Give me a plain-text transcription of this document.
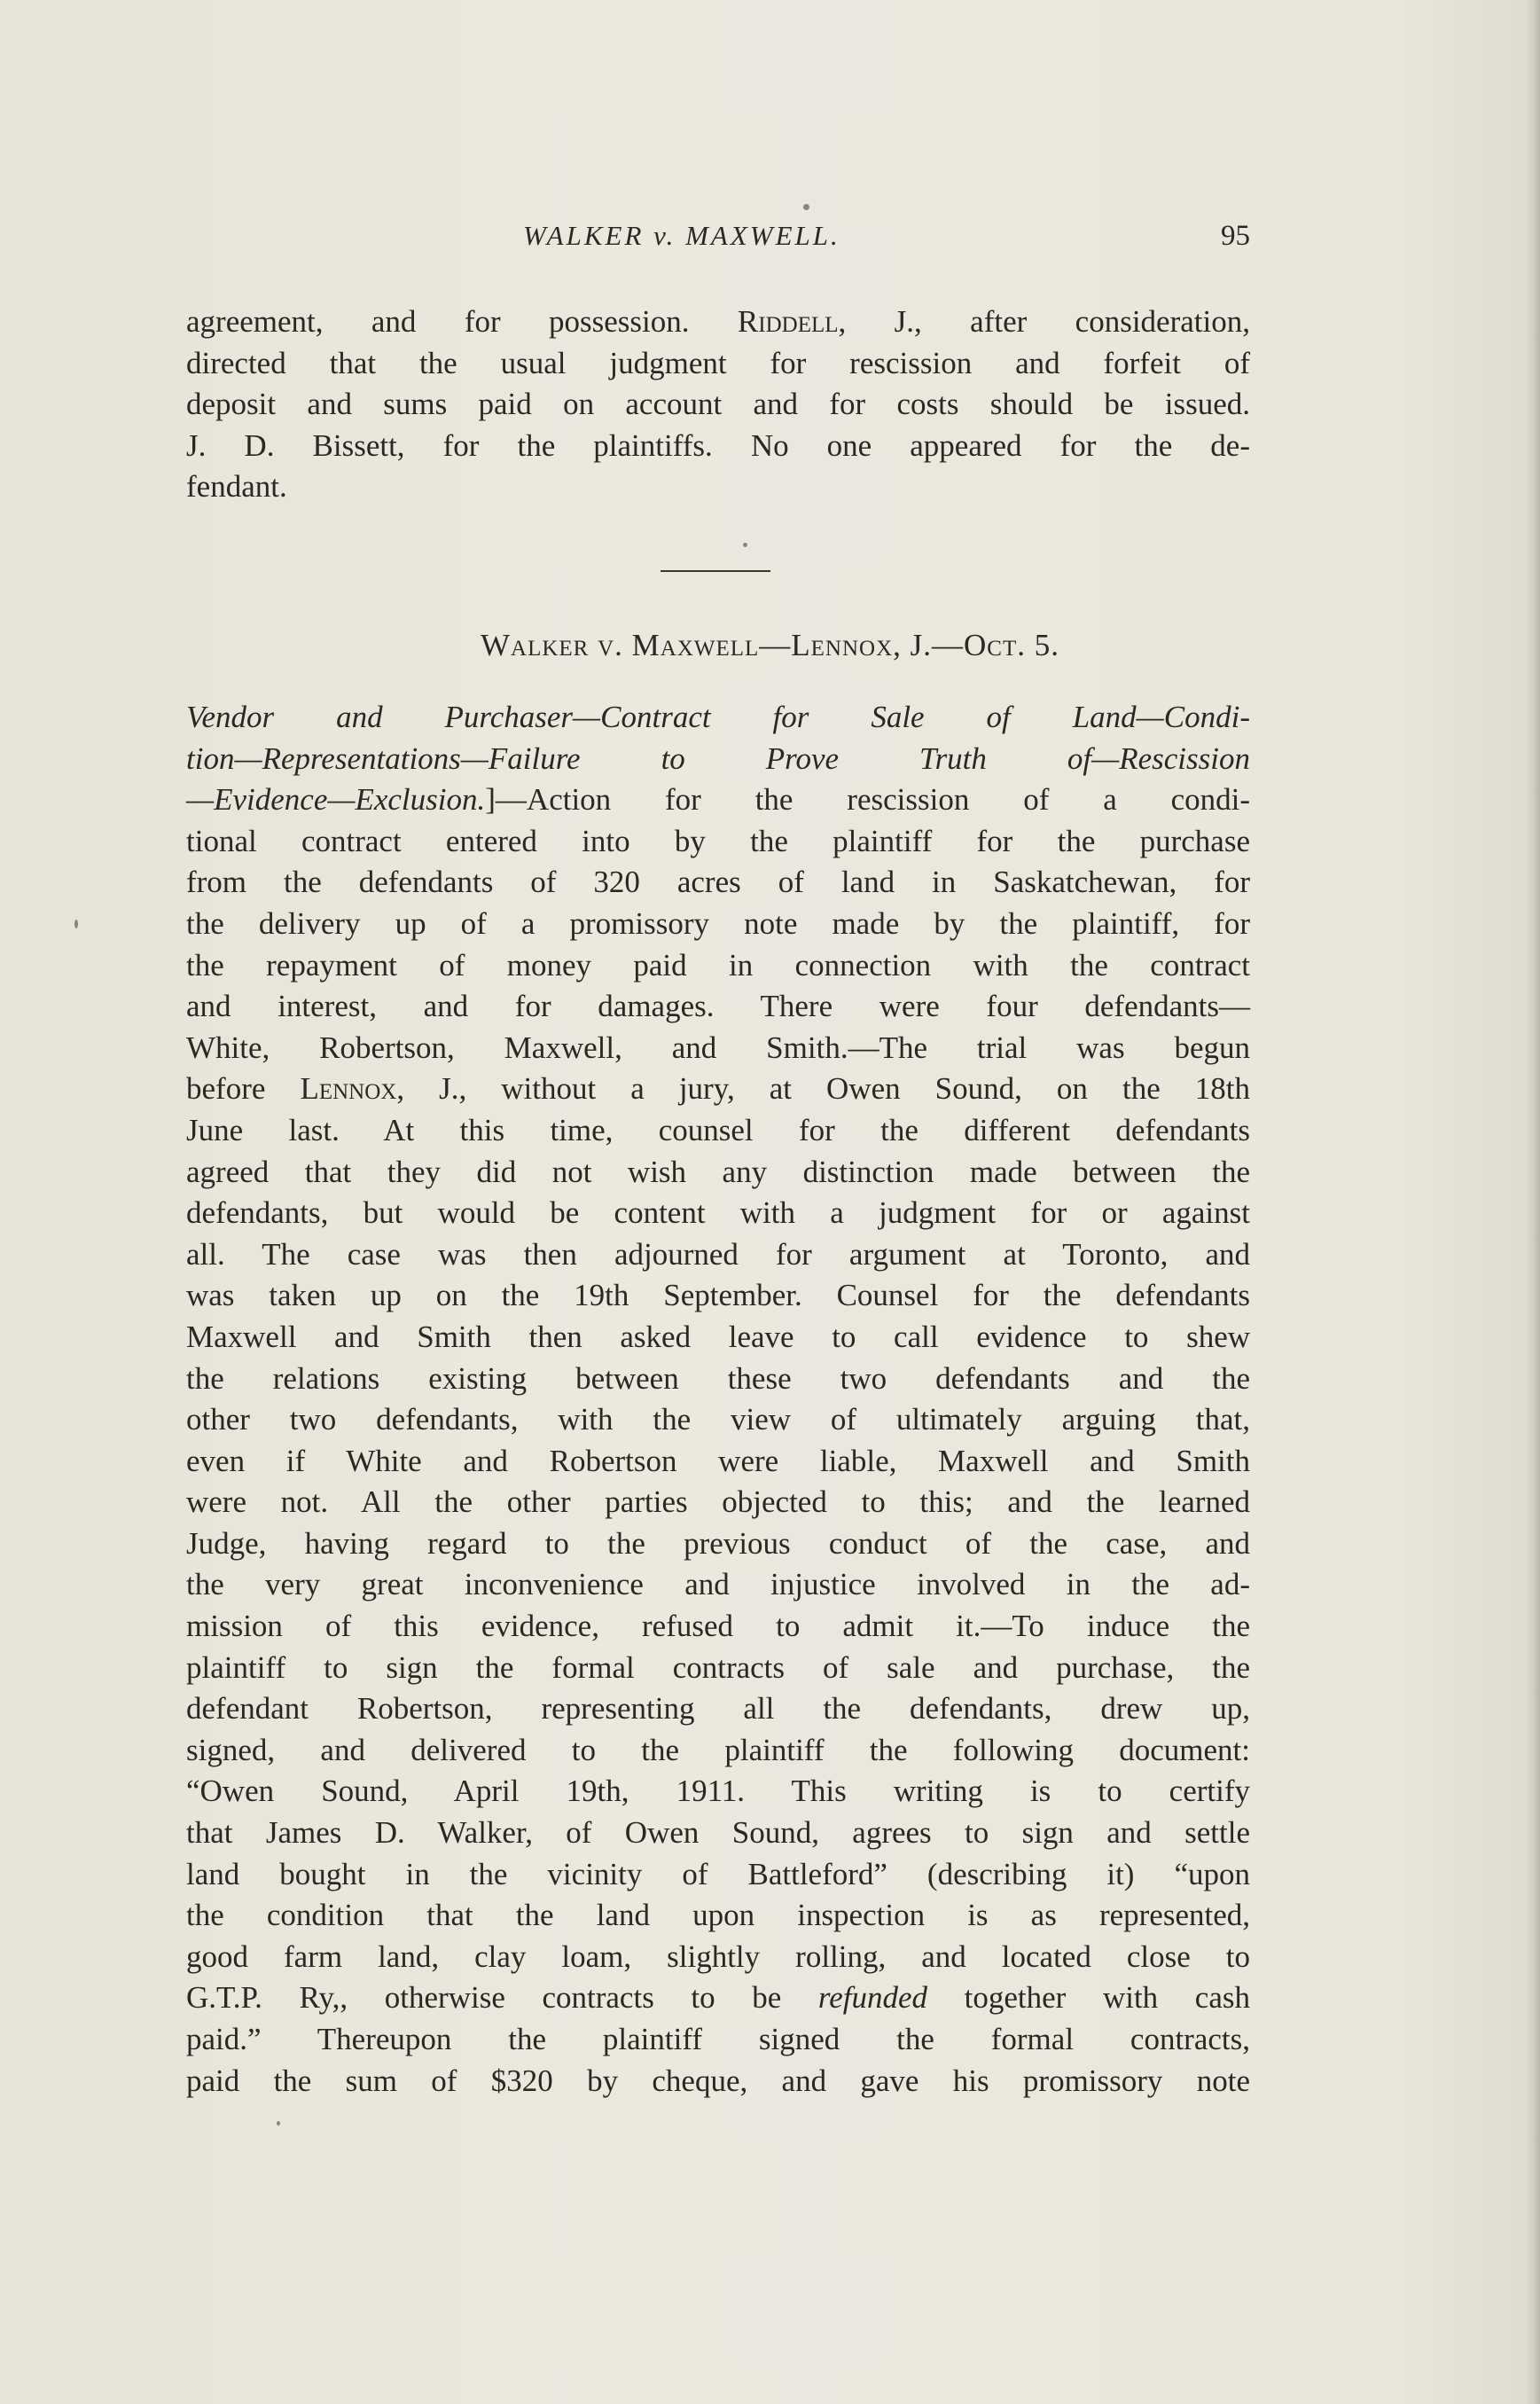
WALKER v. MAXWELL.	95
agreement, and for possession. Riddell, J., after consideration,
directed that the usual judgment for rescission and forfeit of
deposit and sums paid on account and for costs should be issued.
J. D. Bissett, for the plaintiffs. No one appeared for the de-
fendant.
Walker v. Maxwell—Lennox, J.—Oct. 5.
Vendor and Purchaser—Contract for Sale of Land—Condi-
tion—Representations—Failure to Prove Truth of—Rescission
—Evidence—Exclusion.]—Action for the rescission of a condi-
tional contract entered into by the plaintiff for the purchase
from the defendants of 320 acres of land in Saskatchewan, for
the delivery up of a promissory note made by the plaintiff, for
the repayment of money paid in connection with the contract
and interest, and for damages. There were four defendants—
White, Robertson, Maxwell, and Smith.—The trial was begun
before Lennox, J., without a jury, at Owen Sound, on the 18th
June last. At this time, counsel for the different defendants
agreed that they did not wish any distinction made between the
defendants, but would be content with a judgment for or against
all. The case was then adjourned for argument at Toronto, and
was taken up on the 19th September. Counsel for the defendants
Maxwell and Smith then asked leave to call evidence to shew
the relations existing between these two defendants and the
other two defendants, with the view of ultimately arguing that,
even if White and Robertson were liable, Maxwell and Smith
were not. All the other parties objected to this; and the learned
Judge, having regard to the previous conduct of the case, and
the very great inconvenience and injustice involved in the ad-
mission of this evidence, refused to admit it.—To induce the
plaintiff to sign the formal contracts of sale and purchase, the
defendant Robertson, representing all the defendants, drew up,
signed, and delivered to the plaintiff the following document:
“Owen Sound, April 19th, 1911. This writing is to certify
that James D. Walker, of Owen Sound, agrees to sign and settle
land bought in the vicinity of Battleford” (describing it) “upon
the condition that the land upon inspection is as represented,
good farm land, clay loam, slightly rolling, and located close to
G.T.P. Ry,, otherwise contracts to be refunded together with cash
paid.” Thereupon the plaintiff signed the formal contracts,
paid the sum of $320 by cheque, and gave his promissory note
